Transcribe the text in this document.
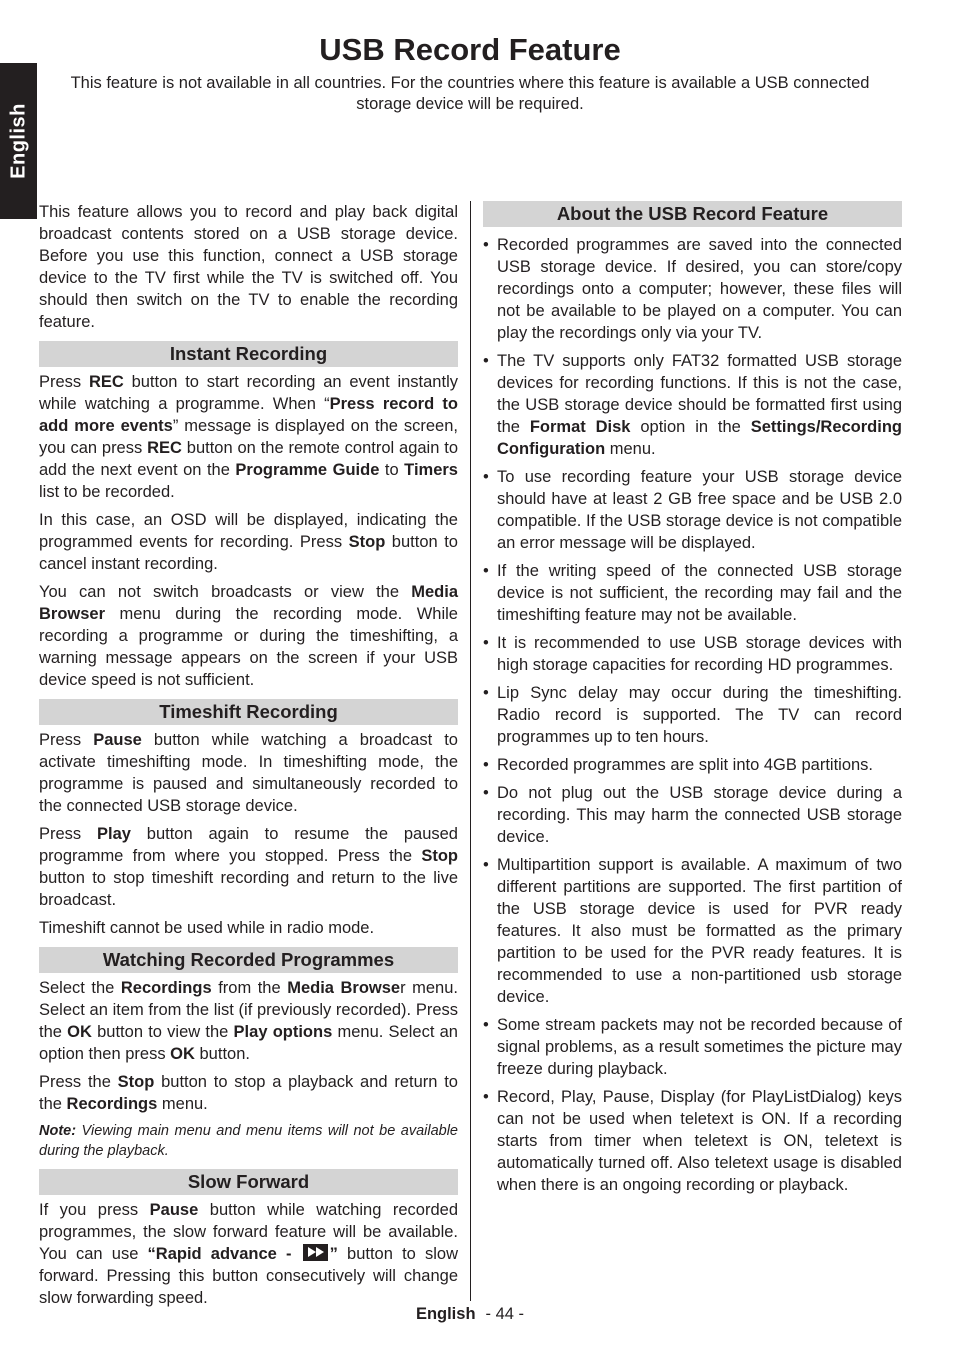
English
USB Record Feature

This feature is not available in all countries. For the countries where this feature is available a USB connected storage device will be required.

This feature allows you to record and play back digital broadcast contents stored on a USB storage device. Before you use this function, connect a USB storage device to the TV first while the TV is switched off. You should then switch on the TV to enable the recording feature.

Instant Recording

Press REC button to start recording an event instantly while watching a programme. When “Press record to add more events” message is displayed on the screen, you can press REC button on the remote control again to add the next event on the Programme Guide to Timers list to be recorded.

In this case, an OSD will be displayed, indicating the programmed events for recording. Press Stop button to cancel instant recording.

You can not switch broadcasts or view the Media Browser menu during the recording mode. While recording a programme or during the timeshifting, a warning message appears on the screen if your USB device speed is not sufficient.

Timeshift Recording

Press Pause button while watching a broadcast to activate timeshifting mode. In timeshifting mode, the programme is paused and simultaneously recorded to the connected USB storage device.

Press Play button again to resume the paused programme from where you stopped. Press the Stop button to stop timeshift recording and return to the live broadcast.

Timeshift cannot be used while in radio mode.

Watching Recorded Programmes

Select the Recordings from the Media Browser menu. Select an item from the list (if previously recorded). Press the OK button to view the Play options menu. Select an option then press OK button.

Press the Stop button to stop a playback and return to the Recordings menu.

Note: Viewing main menu and menu items will not be available during the playback.

Slow Forward

If you press Pause button while watching recorded programmes, the slow forward feature will be available. You can use “Rapid advance - ” button to slow forward. Pressing this button consecutively will change slow forwarding speed.

About the USB Record Feature
• Recorded programmes are saved into the connected USB storage device. If desired, you can store/copy recordings onto a computer; however, these files will not be available to be played on a computer. You can play the recordings only via your TV.
• The TV supports only FAT32 formatted USB storage devices for recording functions. If this is not the case, the USB storage device should be formatted first using the Format Disk option in the Settings/Recording Configuration menu.
• To use recording feature your USB storage device should have at least 2 GB free space and be USB 2.0 compatible. If the USB storage device is not compatible an error message will be displayed.
• If the writing speed of the connected USB storage device is not sufficient, the recording may fail and the timeshifting feature may not be available.
• It is recommended to use USB storage devices with high storage capacities for recording HD programmes.
• Lip Sync delay may occur during the timeshifting. Radio record is supported. The TV can record programmes up to ten hours.
• Recorded programmes are split into 4GB partitions.
• Do not plug out the USB storage device during a recording. This may harm the connected USB storage device.
• Multipartition support is available. A maximum of two different partitions are supported. The first partition of the USB storage device is used for PVR ready features. It also must be formatted as the primary partition to be used for the PVR ready features. It is recommended to use a non-partitioned usb storage device.
• Some stream packets may not be recorded because of signal problems, as a result sometimes the picture may freeze during playback.
• Record, Play, Pause, Display (for PlayListDialog) keys can not be used when teletext is ON. If a recording starts from timer when teletext is ON, teletext is automatically turned off. Also teletext usage is disabled when there is an ongoing recording or playback.
English - 44 -
